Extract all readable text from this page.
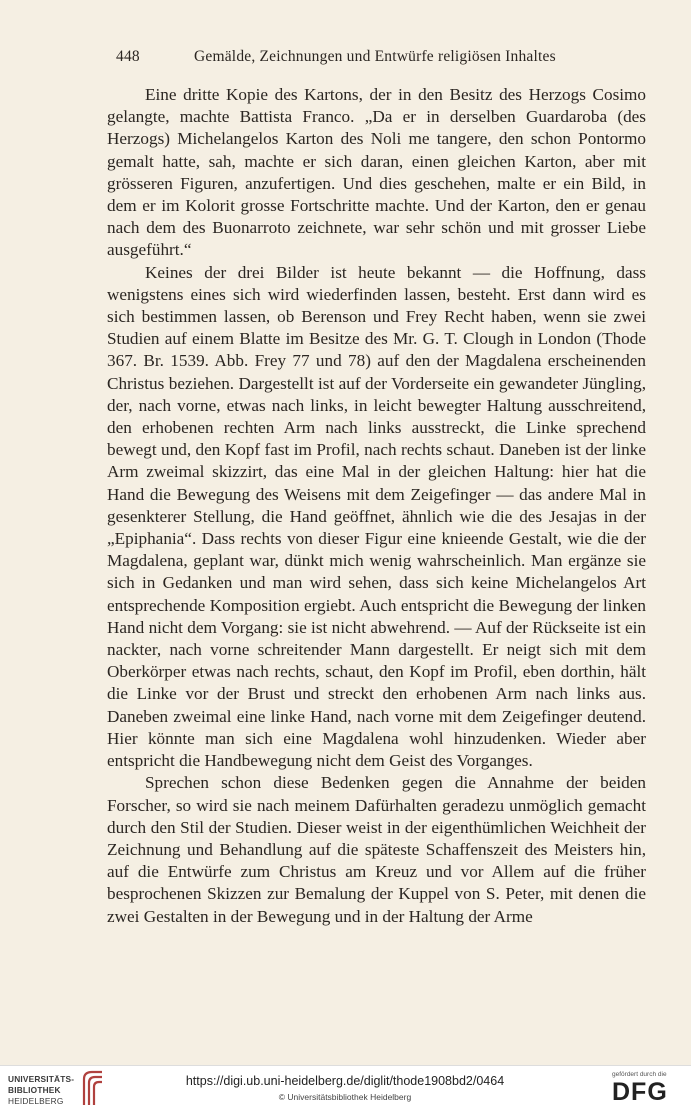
448	Gemälde, Zeichnungen und Entwürfe religiösen Inhaltes

Eine dritte Kopie des Kartons, der in den Besitz des Herzogs Cosimo gelangte, machte Battista Franco. „Da er in derselben Guardaroba (des Herzogs) Michelangelos Karton des Noli me tangere, den schon Pontormo gemalt hatte, sah, machte er sich daran, einen gleichen Karton, aber mit grösseren Figuren, anzufertigen. Und dies geschehen, malte er ein Bild, in dem er im Kolorit grosse Fortschritte machte. Und der Karton, den er genau nach dem des Buonarroto zeichnete, war sehr schön und mit grosser Liebe ausgeführt.“

Keines der drei Bilder ist heute bekannt — die Hoffnung, dass wenigstens eines sich wird wiederfinden lassen, besteht. Erst dann wird es sich bestimmen lassen, ob Berenson und Frey Recht haben, wenn sie zwei Studien auf einem Blatte im Besitze des Mr. G. T. Clough in London (Thode 367. Br. 1539. Abb. Frey 77 und 78) auf den der Magdalena erscheinenden Christus beziehen. Dargestellt ist auf der Vorderseite ein gewandeter Jüngling, der, nach vorne, etwas nach links, in leicht bewegter Haltung ausschreitend, den erhobenen rechten Arm nach links ausstreckt, die Linke sprechend bewegt und, den Kopf fast im Profil, nach rechts schaut. Daneben ist der linke Arm zweimal skizzirt, das eine Mal in der gleichen Haltung: hier hat die Hand die Bewegung des Weisens mit dem Zeigefinger — das andere Mal in gesenkterer Stellung, die Hand geöffnet, ähnlich wie die des Jesajas in der „Epiphania“. Dass rechts von dieser Figur eine knieende Gestalt, wie die der Magdalena, geplant war, dünkt mich wenig wahrscheinlich. Man ergänze sie sich in Gedanken und man wird sehen, dass sich keine Michelangelos Art entsprechende Komposition ergiebt. Auch entspricht die Bewegung der linken Hand nicht dem Vorgang: sie ist nicht abwehrend. — Auf der Rückseite ist ein nackter, nach vorne schreitender Mann dargestellt. Er neigt sich mit dem Oberkörper etwas nach rechts, schaut, den Kopf im Profil, eben dorthin, hält die Linke vor der Brust und streckt den erhobenen Arm nach links aus. Daneben zweimal eine linke Hand, nach vorne mit dem Zeigefinger deutend. Hier könnte man sich eine Magdalena wohl hinzudenken. Wieder aber entspricht die Handbewegung nicht dem Geist des Vorganges.

Sprechen schon diese Bedenken gegen die Annahme der beiden Forscher, so wird sie nach meinem Dafürhalten geradezu unmöglich gemacht durch den Stil der Studien. Dieser weist in der eigenthümlichen Weichheit der Zeichnung und Behandlung auf die späteste Schaffenszeit des Meisters hin, auf die Entwürfe zum Christus am Kreuz und vor Allem auf die früher besprochenen Skizzen zur Bemalung der Kuppel von S. Peter, mit denen die zwei Gestalten in der Bewegung und in der Haltung der Arme

UNIVERSITÄTS-
BIBLIOTHEK
HEIDELBERG
https://digi.ub.uni-heidelberg.de/diglit/thode1908bd2/0464
© Universitätsbibliothek Heidelberg
gefördert durch die
DFG
